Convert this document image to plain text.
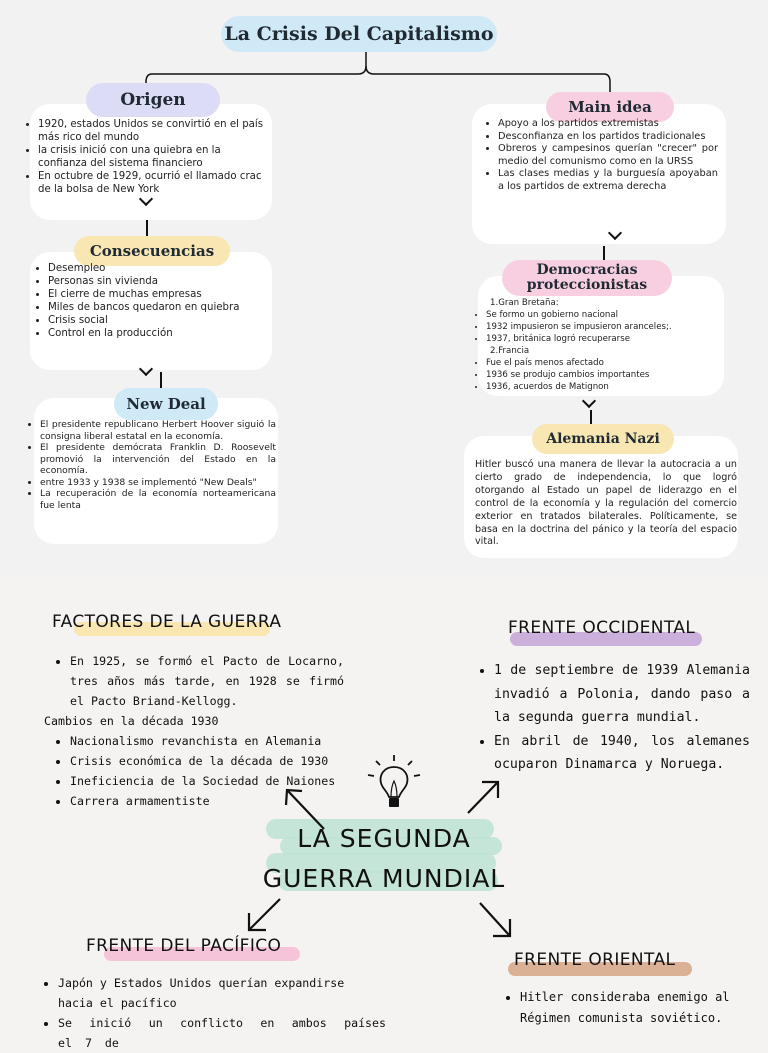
La Crisis Del Capitalismo
Origen
• 1920, estados Unidos se convirtió en el país más rico del mundo
• la crisis inició con una quiebra en la confianza del sistema financiero
• En octubre de 1929, ocurrió el llamado crac de la bolsa de New York
Consecuencias
• Desempleo
• Personas sin vivienda
• El cierre de muchas empresas
• Miles de bancos quedaron en quiebra
• Crisis social
• Control en la producción
New Deal
• El presidente republicano Herbert Hoover siguió la consigna liberal estatal en la economía.
• El presidente demócrata Franklin D. Roosevelt promovió la intervención del Estado en la economía.
• entre 1933 y 1938 se implementó "New Deals"
• La recuperación de la economía norteamericana fue lenta
Main idea
• Apoyo a los partidos extremistas
• Desconfianza en los partidos tradicionales
• Obreros y campesinos querían "crecer" por medio del comunismo como en la URSS
• Las clases medias y la burguesía apoyaban a los partidos de extrema derecha
Democracias
proteccionistas
1.Gran Bretaña:
• Se formo un gobierno nacional
• 1932 impusieron se impusieron aranceles;.
• 1937, británica logró recuperarse
2.Francia
• Fue el país menos afectado
• 1936 se produjo cambios importantes
• 1936, acuerdos de Matignon
Alemania Nazi

Hitler buscó una manera de llevar la autocracia a un cierto grado de independencia, lo que logró otorgando al Estado un papel de liderazgo en el control de la economía y la regulación del comercio exterior en tratados bilaterales. Políticamente, se basa en la doctrina del pánico y la teoría del espacio vital.

FACTORES DE LA GUERRA
• En 1925, se formó el Pacto de Locarno, tres años más tarde, en 1928 se firmó el Pacto Briand-Kellogg.
Cambios en la década 1930
• Nacionalismo revanchista en Alemania
• Crisis económica de la década de 1930
• Ineficiencia de la Sociedad de Naiones
• Carrera armamentiste
FRENTE OCCIDENTAL
• 1 de septiembre de 1939 Alemania invadió a Polonia, dando paso a la segunda guerra mundial.
• En abril de 1940, los alemanes ocuparon Dinamarca y Noruega.
LA SEGUNDA
GUERRA MUNDIAL
FRENTE DEL PACÍFICO
• Japón y Estados Unidos querían expandirse hacia el pacífico
• Se inició un conflicto en ambos países el 7 de
FRENTE ORIENTAL
• Hitler consideraba enemigo al Régimen comunista soviético.
